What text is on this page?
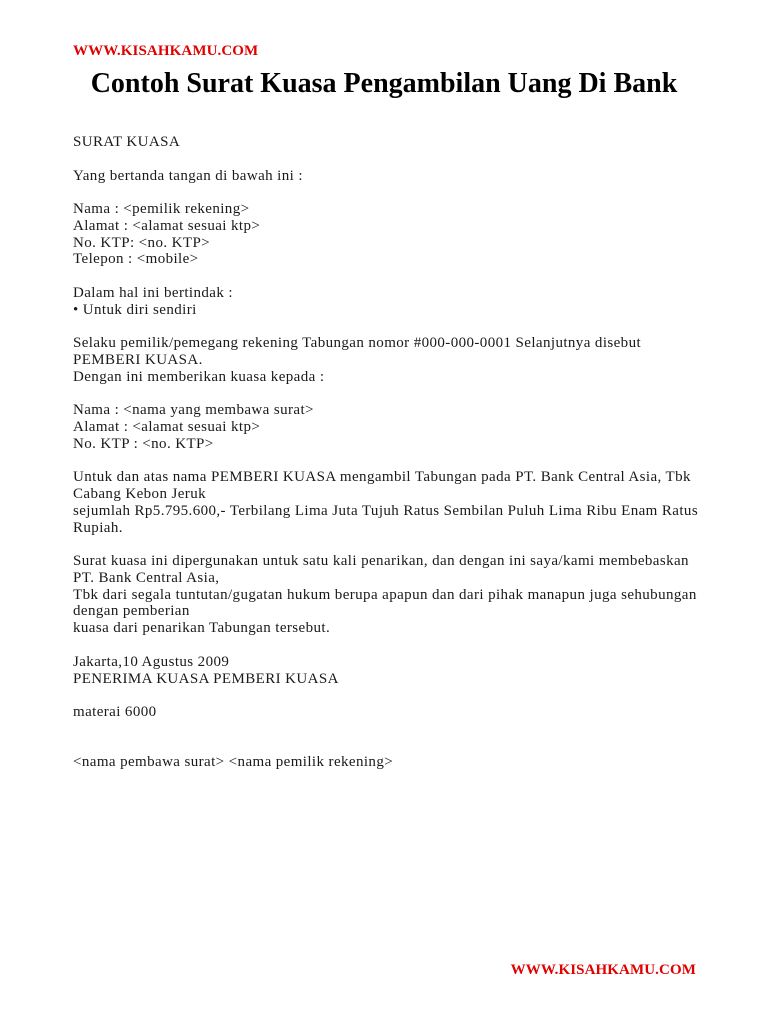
WWW.KISAHKAMU.COM
Contoh Surat Kuasa Pengambilan Uang Di Bank
SURAT KUASA
Yang bertanda tangan di bawah ini :
Nama : <pemilik rekening>
Alamat : <alamat sesuai ktp>
No. KTP: <no. KTP>
Telepon : <mobile>
Dalam hal ini bertindak :
• Untuk diri sendiri
Selaku pemilik/pemegang rekening Tabungan nomor #000-000-0001 Selanjutnya disebut
PEMBERI KUASA.
Dengan ini memberikan kuasa kepada :
Nama : <nama yang membawa surat>
Alamat : <alamat sesuai ktp>
No. KTP : <no. KTP>
Untuk dan atas nama PEMBERI KUASA mengambil Tabungan pada PT. Bank Central Asia, Tbk
Cabang Kebon Jeruk
sejumlah Rp5.795.600,- Terbilang Lima Juta Tujuh Ratus Sembilan Puluh Lima Ribu Enam Ratus
Rupiah.
Surat kuasa ini dipergunakan untuk satu kali penarikan, dan dengan ini saya/kami membebaskan
PT. Bank Central Asia,
Tbk dari segala tuntutan/gugatan hukum berupa apapun dan dari pihak manapun juga sehubungan
dengan pemberian
kuasa dari penarikan Tabungan tersebut.
Jakarta,10 Agustus 2009
PENERIMA KUASA PEMBERI KUASA
materai 6000
<nama pembawa surat> <nama pemilik rekening>
WWW.KISAHKAMU.COM
